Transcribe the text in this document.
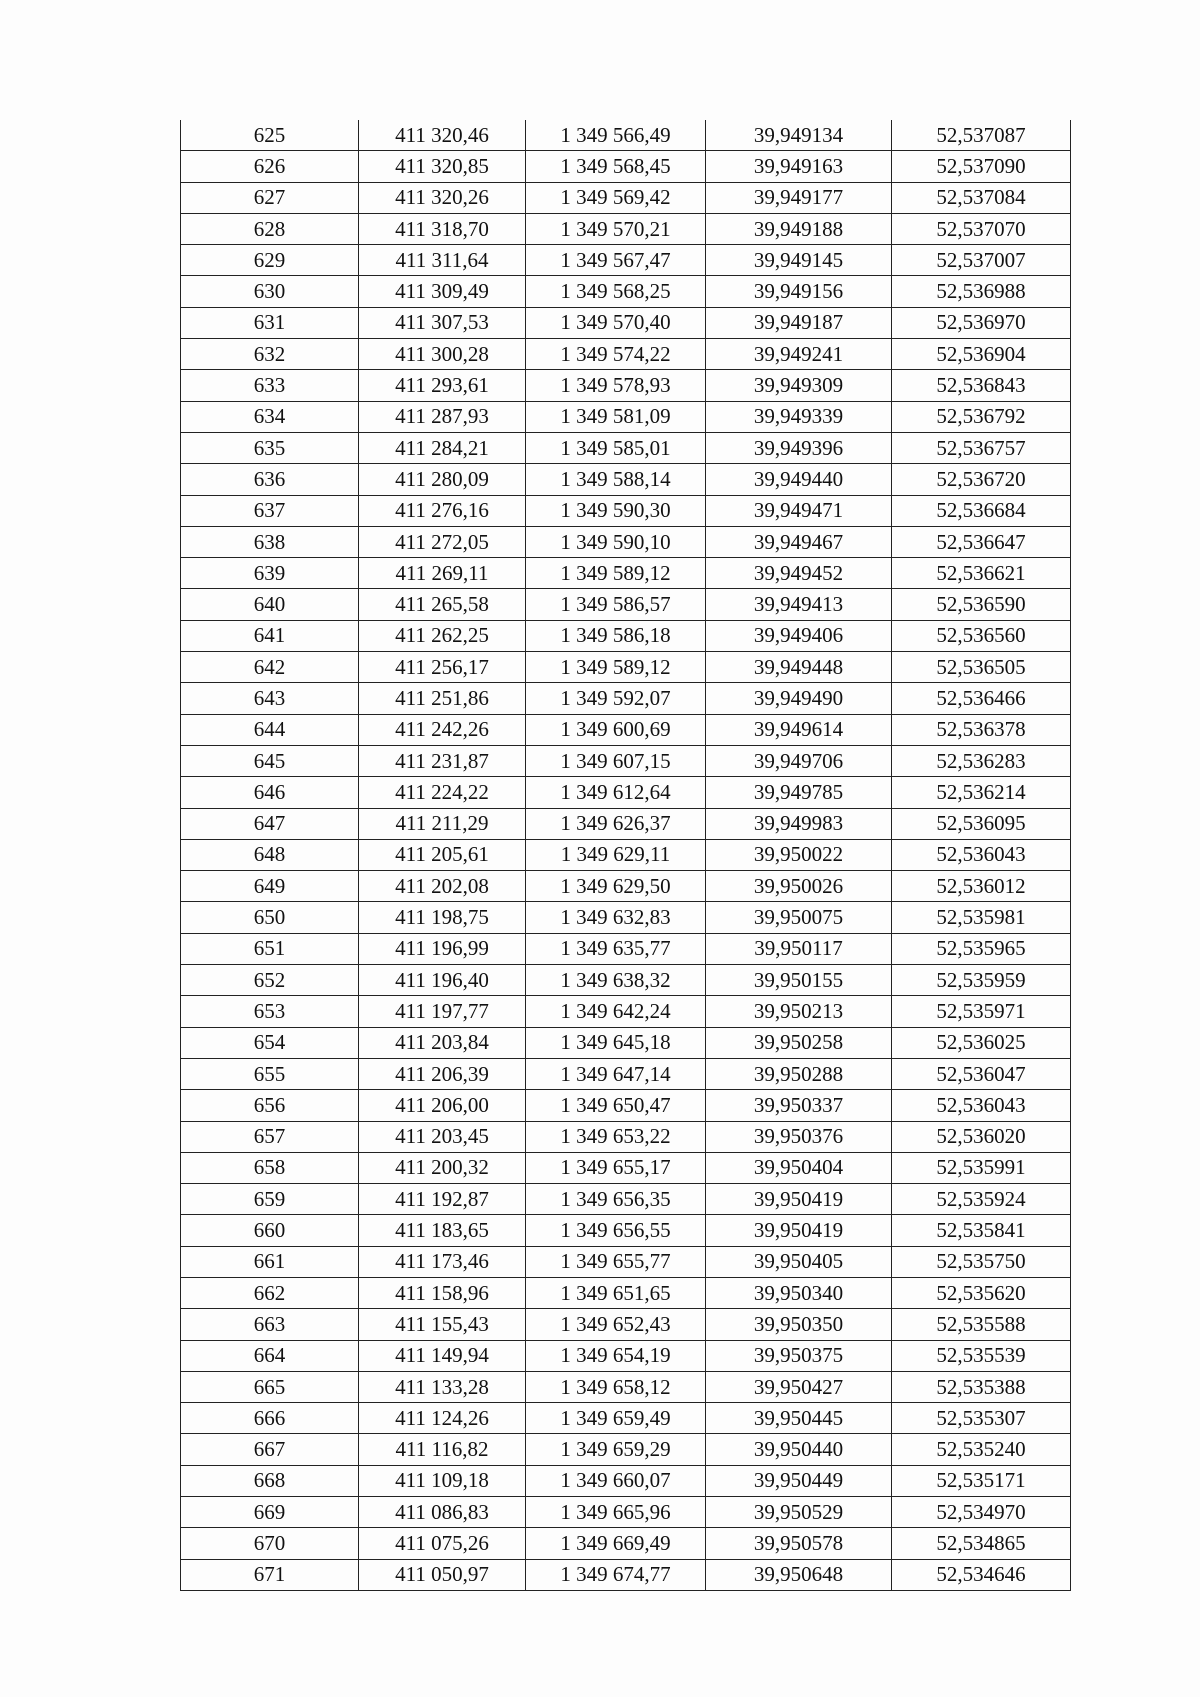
625	411 320,46	1 349 566,49	39,949134	52,537087
626	411 320,85	1 349 568,45	39,949163	52,537090
627	411 320,26	1 349 569,42	39,949177	52,537084
628	411 318,70	1 349 570,21	39,949188	52,537070
629	411 311,64	1 349 567,47	39,949145	52,537007
630	411 309,49	1 349 568,25	39,949156	52,536988
631	411 307,53	1 349 570,40	39,949187	52,536970
632	411 300,28	1 349 574,22	39,949241	52,536904
633	411 293,61	1 349 578,93	39,949309	52,536843
634	411 287,93	1 349 581,09	39,949339	52,536792
635	411 284,21	1 349 585,01	39,949396	52,536757
636	411 280,09	1 349 588,14	39,949440	52,536720
637	411 276,16	1 349 590,30	39,949471	52,536684
638	411 272,05	1 349 590,10	39,949467	52,536647
639	411 269,11	1 349 589,12	39,949452	52,536621
640	411 265,58	1 349 586,57	39,949413	52,536590
641	411 262,25	1 349 586,18	39,949406	52,536560
642	411 256,17	1 349 589,12	39,949448	52,536505
643	411 251,86	1 349 592,07	39,949490	52,536466
644	411 242,26	1 349 600,69	39,949614	52,536378
645	411 231,87	1 349 607,15	39,949706	52,536283
646	411 224,22	1 349 612,64	39,949785	52,536214
647	411 211,29	1 349 626,37	39,949983	52,536095
648	411 205,61	1 349 629,11	39,950022	52,536043
649	411 202,08	1 349 629,50	39,950026	52,536012
650	411 198,75	1 349 632,83	39,950075	52,535981
651	411 196,99	1 349 635,77	39,950117	52,535965
652	411 196,40	1 349 638,32	39,950155	52,535959
653	411 197,77	1 349 642,24	39,950213	52,535971
654	411 203,84	1 349 645,18	39,950258	52,536025
655	411 206,39	1 349 647,14	39,950288	52,536047
656	411 206,00	1 349 650,47	39,950337	52,536043
657	411 203,45	1 349 653,22	39,950376	52,536020
658	411 200,32	1 349 655,17	39,950404	52,535991
659	411 192,87	1 349 656,35	39,950419	52,535924
660	411 183,65	1 349 656,55	39,950419	52,535841
661	411 173,46	1 349 655,77	39,950405	52,535750
662	411 158,96	1 349 651,65	39,950340	52,535620
663	411 155,43	1 349 652,43	39,950350	52,535588
664	411 149,94	1 349 654,19	39,950375	52,535539
665	411 133,28	1 349 658,12	39,950427	52,535388
666	411 124,26	1 349 659,49	39,950445	52,535307
667	411 116,82	1 349 659,29	39,950440	52,535240
668	411 109,18	1 349 660,07	39,950449	52,535171
669	411 086,83	1 349 665,96	39,950529	52,534970
670	411 075,26	1 349 669,49	39,950578	52,534865
671	411 050,97	1 349 674,77	39,950648	52,534646
